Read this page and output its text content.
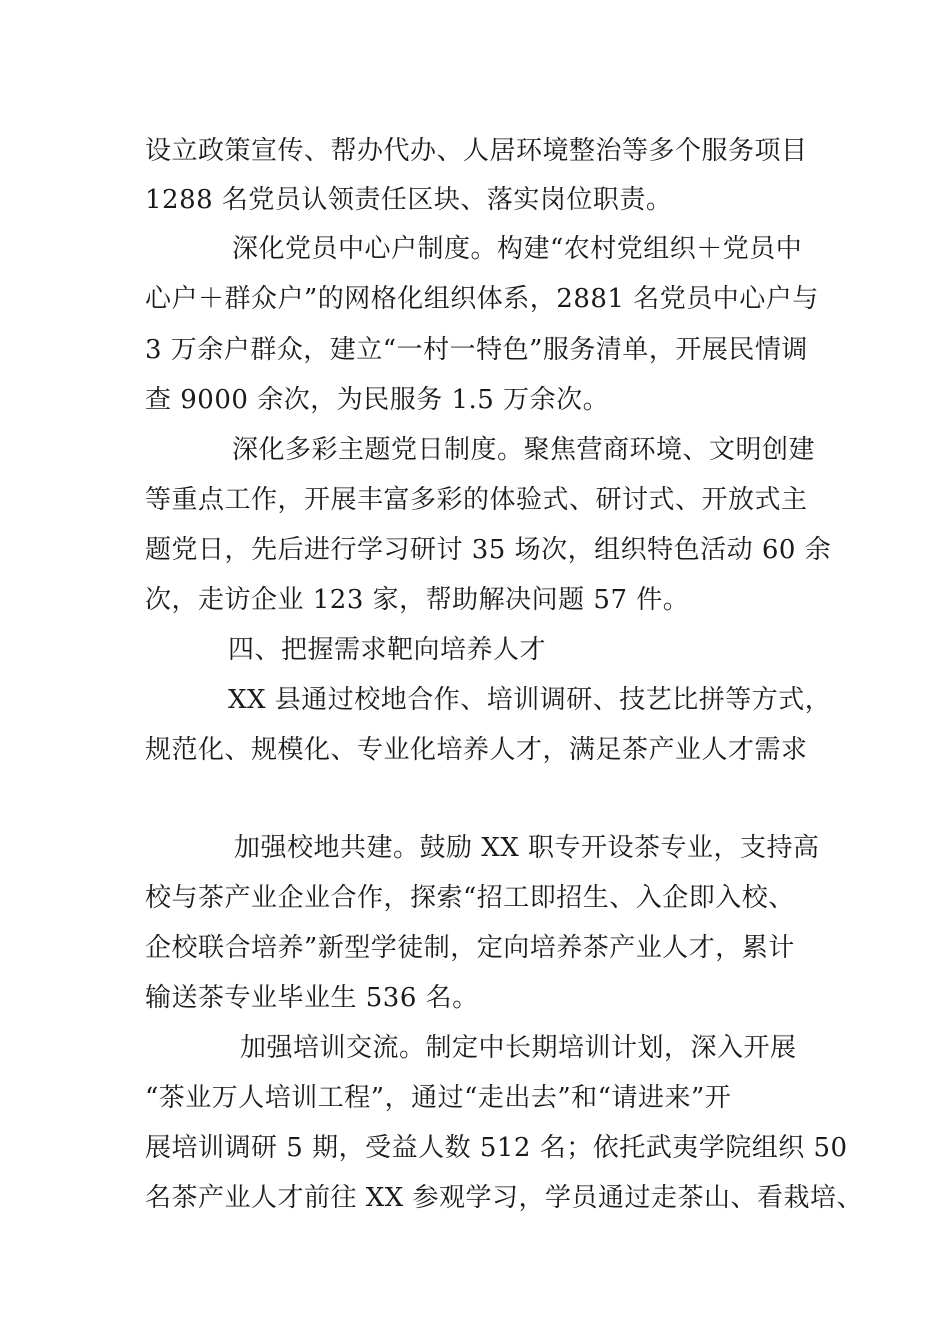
设立政策宣传、帮办代办、人居环境整治等多个服务项目
1288 名党员认领责任区块、落实岗位职责。
深化党员中心户制度。构建“农村党组织＋党员中
心户＋群众户”的网格化组织体系，2881 名党员中心户与
3 万余户群众，建立“一村一特色”服务清单，开展民情调
查 9000 余次，为民服务 1.5 万余次。
深化多彩主题党日制度。聚焦营商环境、文明创建
等重点工作，开展丰富多彩的体验式、研讨式、开放式主
题党日，先后进行学习研讨 35 场次，组织特色活动 60 余
次，走访企业 123 家，帮助解决问题 57 件。
四、把握需求靶向培养人才
XX 县通过校地合作、培训调研、技艺比拼等方式，
规范化、规模化、专业化培养人才，满足茶产业人才需求
加强校地共建。鼓励 XX 职专开设茶专业，支持高
校与茶产业企业合作，探索“招工即招生、入企即入校、
企校联合培养”新型学徒制，定向培养茶产业人才，累计
输送茶专业毕业生 536 名。
加强培训交流。制定中长期培训计划，深入开展
“茶业万人培训工程”，通过“走出去”和“请进来”开
展培训调研 5 期，受益人数 512 名；依托武夷学院组织 50
名茶产业人才前往 XX 参观学习，学员通过走茶山、看栽培、
